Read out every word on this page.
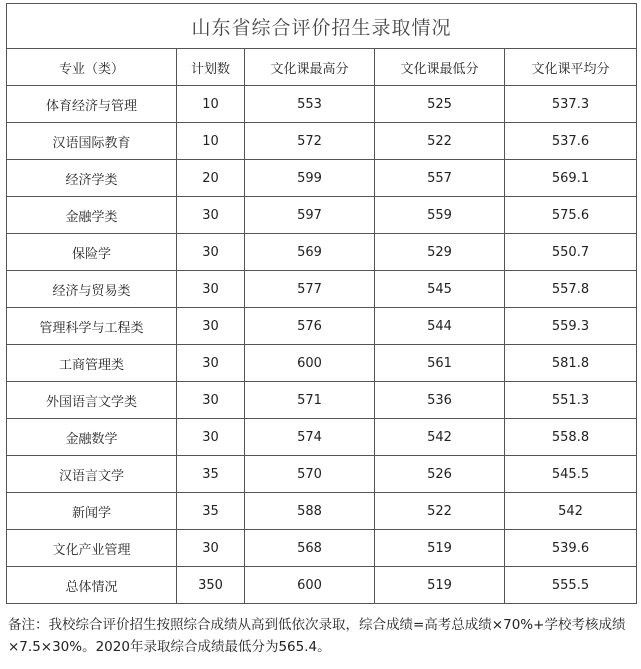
山东省综合评价招生录取情况				
专业（类）	计划数	文化课最高分	文化课最低分	文化课平均分
体育经济与管理	10	553	525	537.3
汉语国际教育	10	572	522	537.6
经济学类	20	599	557	569.1
金融学类	30	597	559	575.6
保险学	30	569	529	550.7
经济与贸易类	30	577	545	557.8
管理科学与工程类	30	576	544	559.3
工商管理类	30	600	561	581.8
外国语言文学类	30	571	536	551.3
金融数学	30	574	542	558.8
汉语言文学	35	570	526	545.5
新闻学	35	588	522	542
文化产业管理	30	568	519	539.6
总体情况	350	600	519	555.5
备注：我校综合评价招生按照综合成绩从高到低依次录取，综合成绩=高考总成绩×70%+学校考核成绩×7.5×30%。2020年录取综合成绩最低分为565.4。
